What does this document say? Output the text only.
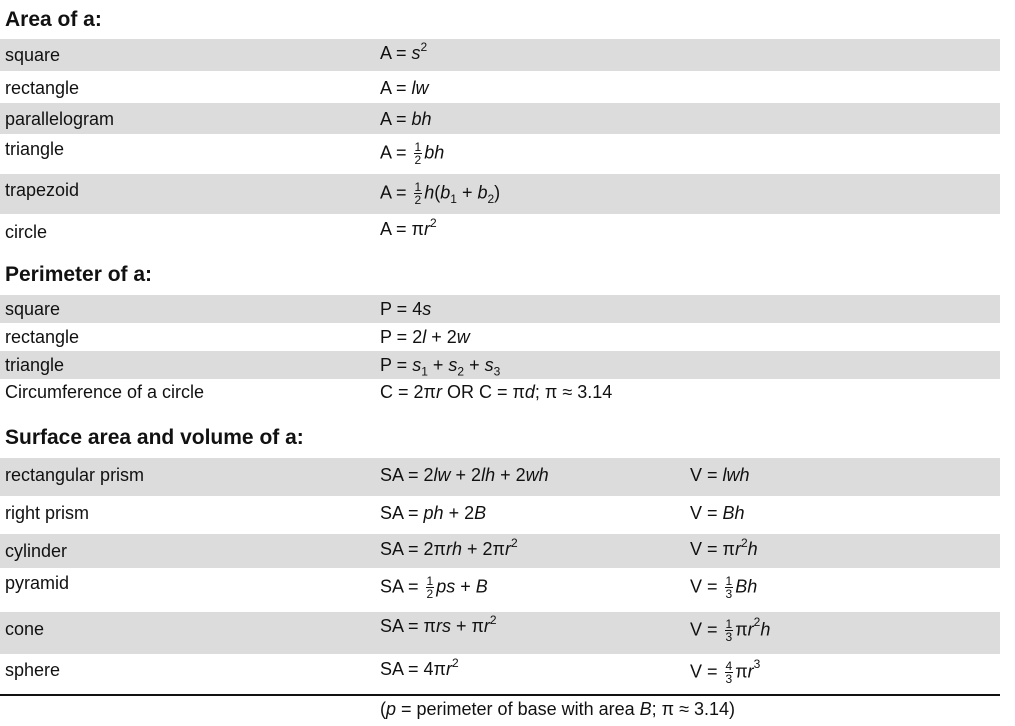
Area of a:
square	$A = s^2$
rectangle	A = lw
parallelogram	A = bh
triangle	$A = \frac{1}{2}$ bh
trapezoid	$A = \frac{1}{2} h(b_1 + b_2)$
circle	$A = \pi r^2$
Perimeter of a:
square	P = 4s
rectangle	P = 2l + 2w
triangle	$P = s_1 + s_2 + s_3$
Circumference of a circle	C = 2πr OR C = πd; π ≈ 3.14
Surface area and volume of a:
rectangular prism	SA = 2lw + 2lh + 2wh	V = lwh
right prism	SA = ph + 2B	V = Bh
cylinder	SA = $2\pi rh + 2\pi r^2$	$V = \pi r^2h$
pyramid	SA = $\frac{1}{2}$ ps + B	$V = \frac{1}{3}$ Bh
cone	SA = $\pi rs + \pi r^2$	$V = \frac{1}{3} \pi r^2h$
sphere	SA = $4\pi r^2$	$V = \frac{4}{3} \pi r^3$
(p = perimeter of base with area B; π ≈ 3.14)
